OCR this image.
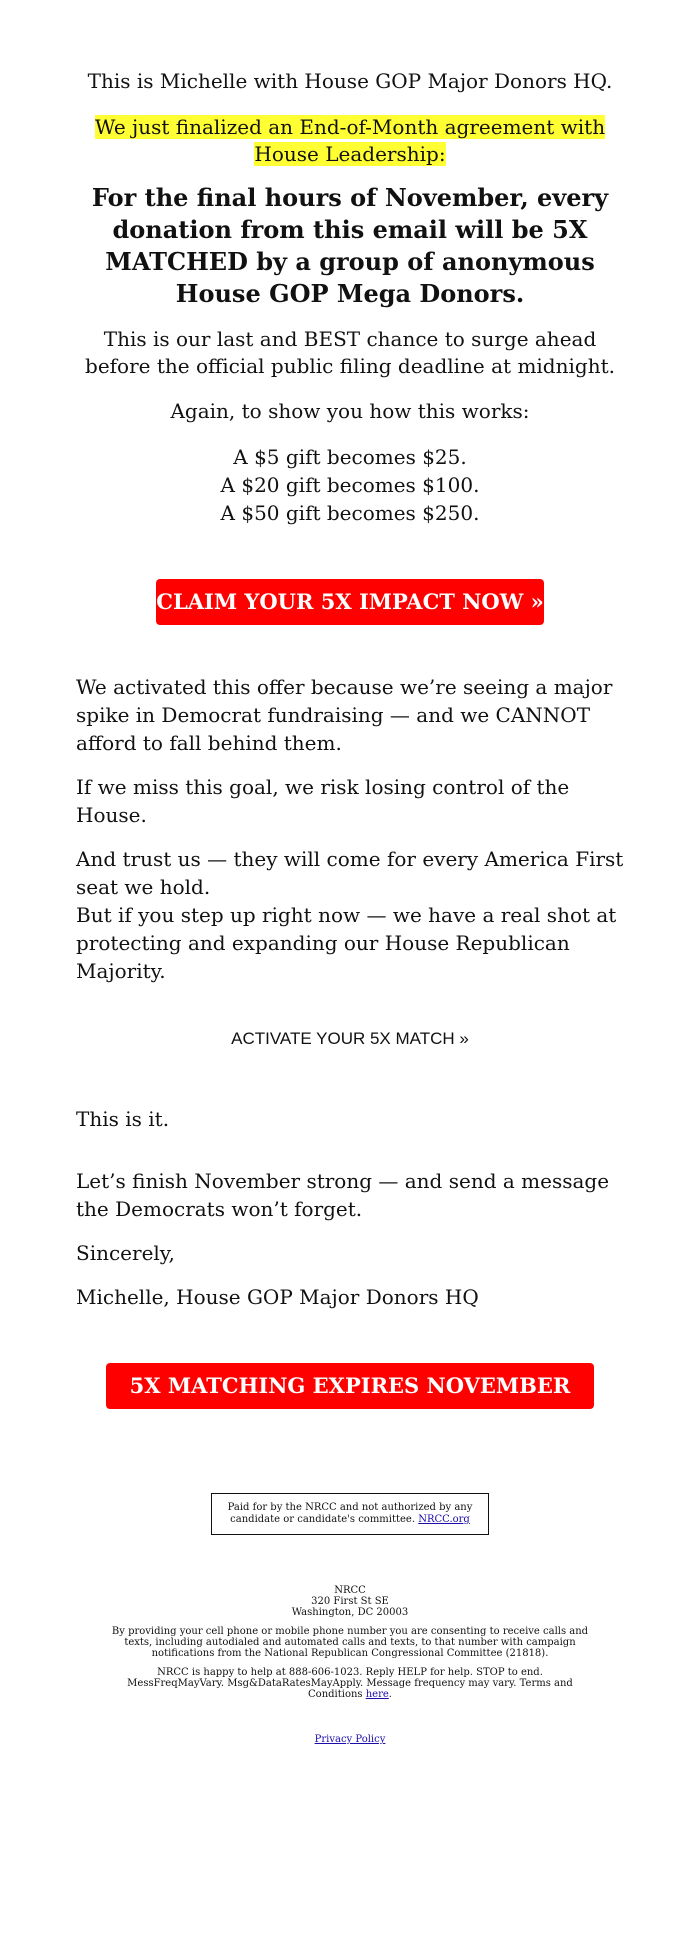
This is Michelle with House GOP Major Donors HQ.

We just finalized an End-of-Month agreement with House Leadership:

For the final hours of November, every donation from this email will be 5X MATCHED by a group of anonymous House GOP Mega Donors.

This is our last and BEST chance to surge ahead before the official public filing deadline at midnight.

Again, to show you how this works:

A $5 gift becomes $25.
A $20 gift becomes $100.
A $50 gift becomes $250.
CLAIM YOUR 5X IMPACT NOW »

We activated this offer because we’re seeing a major spike in Democrat fundraising — and we CANNOT afford to fall behind them.

If we miss this goal, we risk losing control of the House.

And trust us — they will come for every America First seat we hold.
But if you step up right now — we have a real shot at protecting and expanding our House Republican Majority.

ACTIVATE YOUR 5X MATCH »

This is it.

Let’s finish November strong — and send a message the Democrats won’t forget.

Sincerely,

Michelle, House GOP Major Donors HQ

5X MATCHING EXPIRES NOVEMBER 30th
Paid for by the NRCC and not authorized by any candidate or candidate's committee. NRCC.org

NRCC
320 First St SE
Washington, DC 20003

By providing your cell phone or mobile phone number you are consenting to receive calls and texts, including autodialed and automated calls and texts, to that number with campaign notifications from the National Republican Congressional Committee (21818).

NRCC is happy to help at 888-606-1023. Reply HELP for help. STOP to end. MessFreqMayVary. Msg&DataRatesMayApply. Message frequency may vary. Terms and Conditions here.

Privacy Policy
